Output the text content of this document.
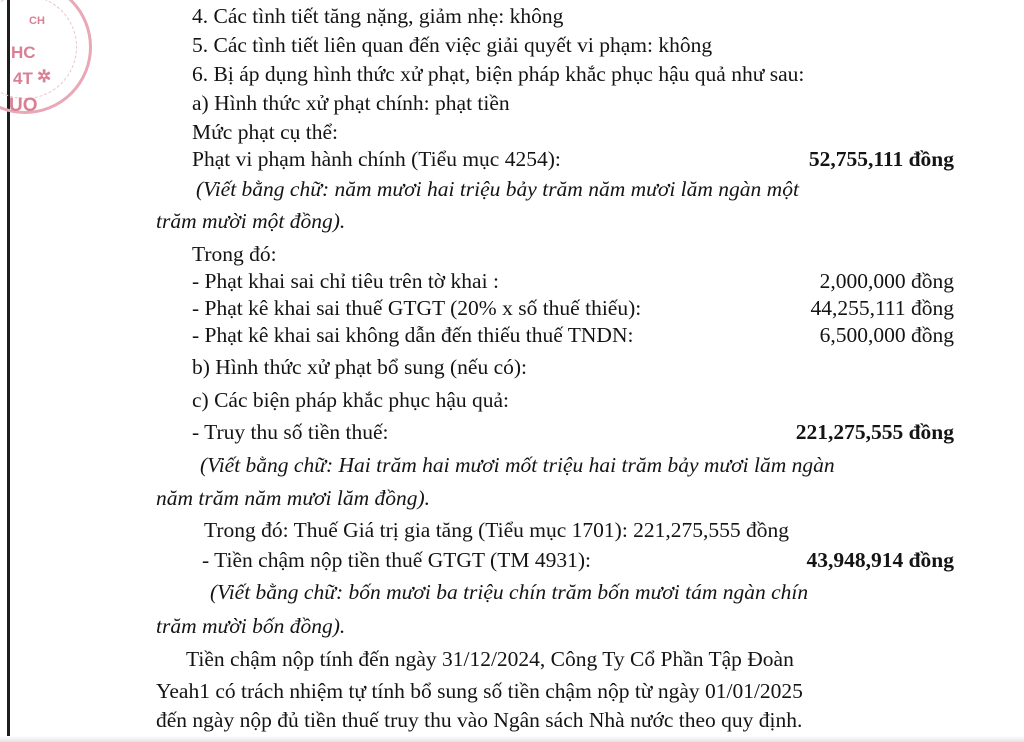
HC
CH
4T ✲
UO
4. Các tình tiết tăng nặng, giảm nhẹ: không
5. Các tình tiết liên quan đến việc giải quyết vi phạm: không
6. Bị áp dụng hình thức xử phạt, biện pháp khắc phục hậu quả như sau:
a) Hình thức xử phạt chính: phạt tiền
Mức phạt cụ thể:
Phạt vi phạm hành chính (Tiểu mục 4254):	52,755,111 đồng
(Viết bằng chữ: năm mươi hai triệu bảy trăm năm mươi lăm ngàn một
trăm mười một đồng).
Trong đó:
- Phạt khai sai chỉ tiêu trên tờ khai :	2,000,000 đồng
- Phạt kê khai sai thuế GTGT (20% x số thuế thiếu):	44,255,111 đồng
- Phạt kê khai sai không dẫn đến thiếu thuế TNDN:	6,500,000 đồng
b) Hình thức xử phạt bổ sung (nếu có):
c) Các biện pháp khắc phục hậu quả:
- Truy thu số tiền thuế:	221,275,555 đồng
(Viết bằng chữ: Hai trăm hai mươi mốt triệu hai trăm bảy mươi lăm ngàn
năm trăm năm mươi lăm đồng).
Trong đó: Thuế Giá trị gia tăng (Tiểu mục 1701): 221,275,555 đồng
- Tiền chậm nộp tiền thuế GTGT (TM 4931):	43,948,914 đồng
(Viết bằng chữ: bốn mươi ba triệu chín trăm bốn mươi tám ngàn chín
trăm mười bốn đồng).
Tiền chậm nộp tính đến ngày 31/12/2024, Công Ty Cổ Phần Tập Đoàn
Yeah1 có trách nhiệm tự tính bổ sung số tiền chậm nộp từ ngày 01/01/2025
đến ngày nộp đủ tiền thuế truy thu vào Ngân sách Nhà nước theo quy định.
